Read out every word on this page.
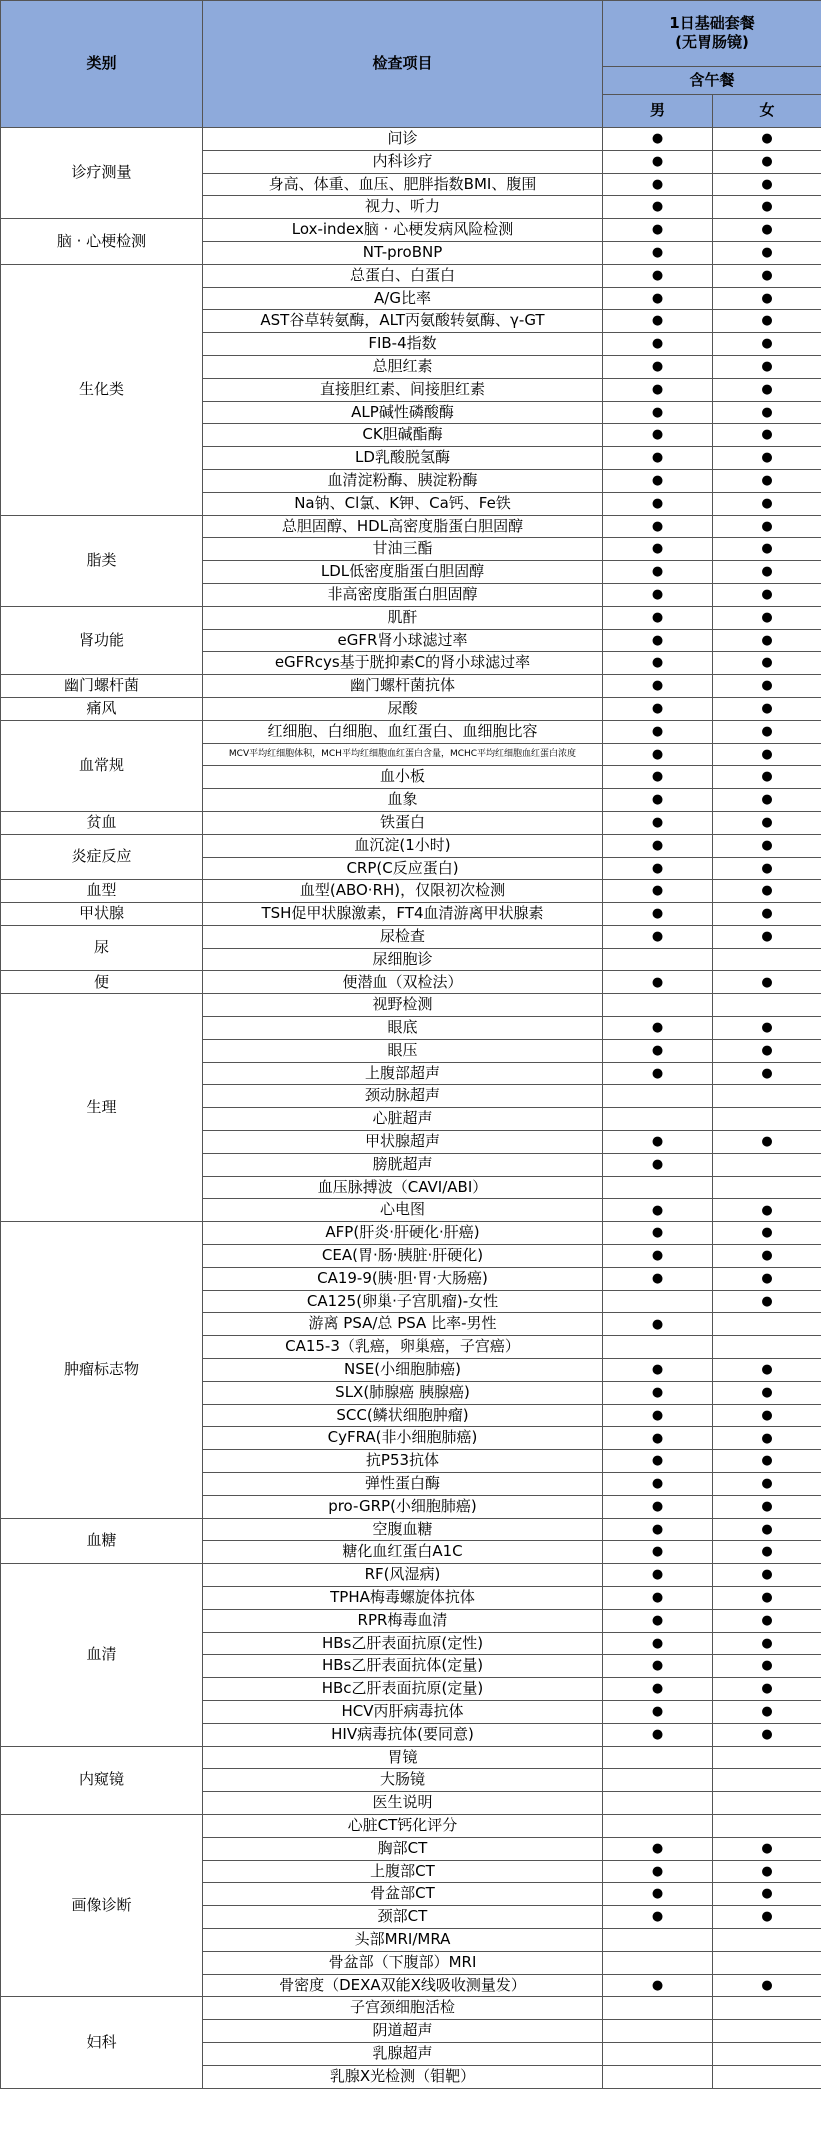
类别	检查项目	1日基础套餐
(无胃肠镜)	

		含午餐	
		男	女
诊疗测量	问诊	●	●
	内科诊疗	●	●
	身高、体重、血压、肥胖指数BMI、腹围	●	●
	视力、听力	●	●
脑 · 心梗检测	Lox-index脑 · 心梗发病风险检测	●	●
	NT-proBNP	●	●
生化类	总蛋白、白蛋白	●	●
	A/G比率	●	●
	AST谷草转氨酶，ALT丙氨酸转氨酶、γ-GT	●	●
	FIB-4指数	●	●
	总胆红素	●	●
	直接胆红素、间接胆红素	●	●
	ALP碱性磷酸酶	●	●
	CK胆碱酯酶	●	●
	LD乳酸脱氢酶	●	●
	血清淀粉酶、胰淀粉酶	●	●
	Na钠、Cl氯、K钾、Ca钙、Fe铁	●	●
脂类	总胆固醇、HDL高密度脂蛋白胆固醇	●	●
	甘油三酯	●	●
	LDL低密度脂蛋白胆固醇	●	●
	非高密度脂蛋白胆固醇	●	●
肾功能	肌酐	●	●
	eGFR肾小球滤过率	●	●
	eGFRcys基于胱抑素C的肾小球滤过率	●	●
幽门螺杆菌	幽门螺杆菌抗体	●	●
痛风	尿酸	●	●
血常规	红细胞、白细胞、血红蛋白、血细胞比容	●	●
	MCV平均红细胞体积，MCH平均红细胞血红蛋白含量，MCHC平均红细胞血红蛋白浓度	●	●
	血小板	●	●
	血象	●	●
贫血	铁蛋白	●	●
炎症反应	血沉淀(1小时)	●	●
	CRP(C反应蛋白)	●	●
血型	血型(ABO·RH)，仅限初次检测	●	●
甲状腺	TSH促甲状腺激素，FT4血清游离甲状腺素	●	●
尿	尿检查	●	●
	尿细胞诊		
便	便潜血（双检法）	●	●
生理	视野检测		
	眼底	●	●
	眼压	●	●
	上腹部超声	●	●
	颈动脉超声		
	心脏超声		
	甲状腺超声	●	●
	膀胱超声	●	
	血压脉搏波（CAVI/ABI）		
	心电图	●	●
肿瘤标志物	AFP(肝炎·肝硬化·肝癌)	●	●
	CEA(胃·肠·胰脏·肝硬化)	●	●
	CA19-9(胰·胆·胃·大肠癌)	●	●
	CA125(卵巢·子宫肌瘤)-女性		●
	游离 PSA/总 PSA 比率-男性	●	
	CA15-3（乳癌，卵巢癌，子宫癌）		
	NSE(小细胞肺癌)	●	●
	SLX(肺腺癌 胰腺癌)	●	●
	SCC(鳞状细胞肿瘤)	●	●
	CyFRA(非小细胞肺癌)	●	●
	抗P53抗体	●	●
	弹性蛋白酶	●	●
	pro-GRP(小细胞肺癌)	●	●
血糖	空腹血糖	●	●
	糖化血红蛋白A1C	●	●
血清	RF(风湿病)	●	●
	TPHA梅毒螺旋体抗体	●	●
	RPR梅毒血清	●	●
	HBs乙肝表面抗原(定性)	●	●
	HBs乙肝表面抗体(定量)	●	●
	HBc乙肝表面抗原(定量)	●	●
	HCV丙肝病毒抗体	●	●
	HIV病毒抗体(要同意)	●	●
内窥镜	胃镜		
	大肠镜		
	医生说明		
画像诊断	心脏CT钙化评分		
	胸部CT	●	●
	上腹部CT	●	●
	骨盆部CT	●	●
	颈部CT	●	●
	头部MRI/MRA		
	骨盆部（下腹部）MRI		
	骨密度（DEXA双能X线吸收测量发）	●	●
妇科	子宫颈细胞活检		
	阴道超声		
	乳腺超声		
	乳腺X光检测（钼靶）		
